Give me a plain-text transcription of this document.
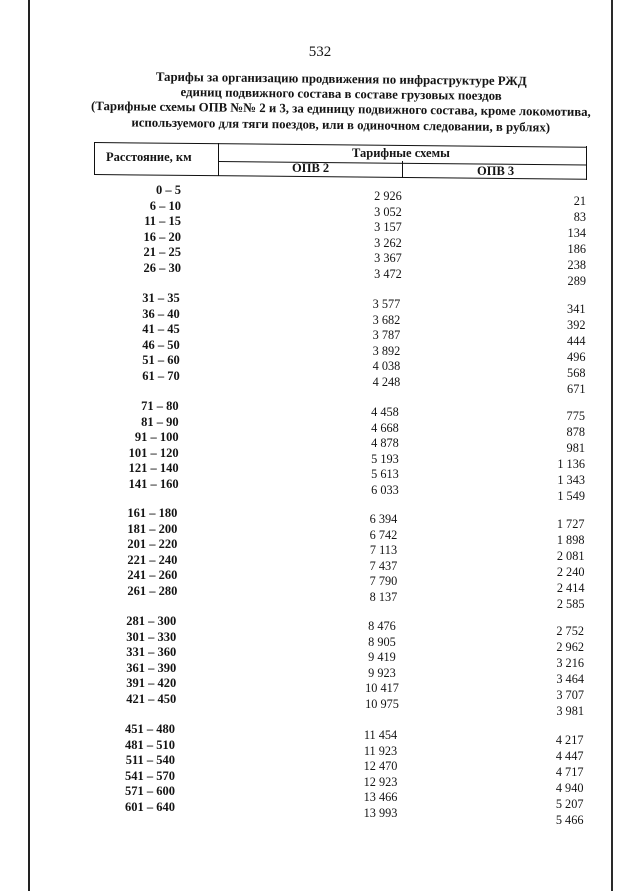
532
Тарифы за организацию продвижения по инфраструктуре РЖД
единиц подвижного состава в составе грузовых поездов
(Тарифные схемы ОПВ №№ 2 и 3, за единицу подвижного состава, кроме локомотива,
используемого для тяги поездов, или в одиночном следовании, в рублях)
Расстояние, км	Тарифные схемы
ОПВ 2	ОПВ 3
0 – 5	2 926	21
6 – 10	3 052	83
11 – 15	3 157	134
16 – 20	3 262	186
21 – 25	3 367	238
26 – 30	3 472	289
31 – 35	3 577	341
36 – 40	3 682	392
41 – 45	3 787	444
46 – 50	3 892	496
51 – 60	4 038	568
61 – 70	4 248	671
71 – 80	4 458	775
81 – 90	4 668	878
91 – 100	4 878	981
101 – 120	5 193	1 136
121 – 140	5 613	1 343
141 – 160	6 033	1 549
161 – 180	6 394	1 727
181 – 200	6 742	1 898
201 – 220	7 113	2 081
221 – 240	7 437	2 240
241 – 260	7 790	2 414
261 – 280	8 137	2 585
281 – 300	8 476	2 752
301 – 330	8 905	2 962
331 – 360	9 419	3 216
361 – 390	9 923	3 464
391 – 420	10 417	3 707
421 – 450	10 975	3 981
451 – 480	11 454	4 217
481 – 510	11 923	4 447
511 – 540	12 470	4 717
541 – 570	12 923	4 940
571 – 600	13 466	5 207
601 – 640	13 993	5 466
